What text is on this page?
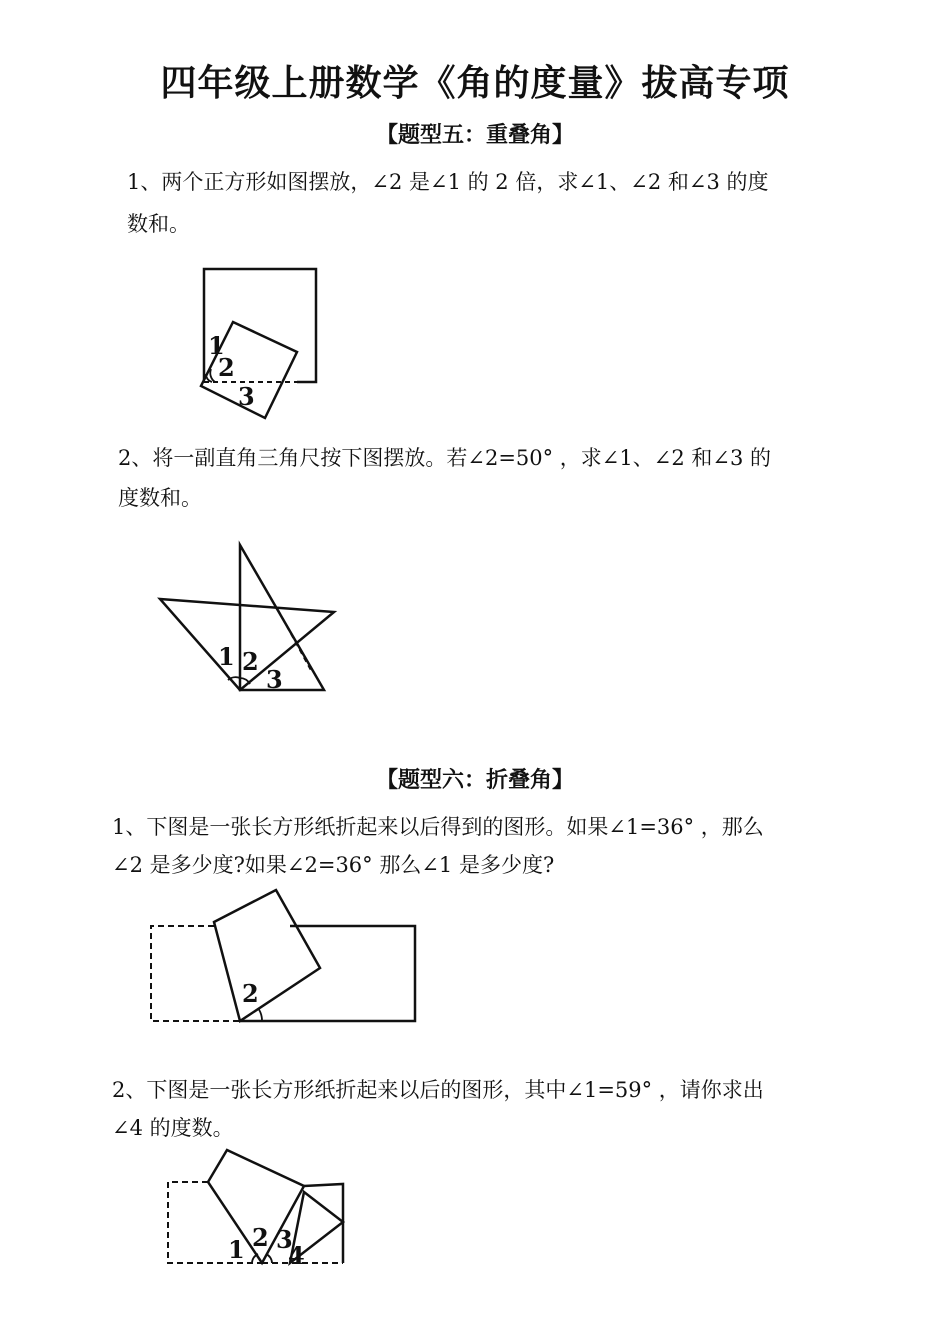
四年级上册数学《角的度量》拔高专项
【题型五：重叠角】
1、两个正方形如图摆放，∠2 是∠1 的 2 倍，求∠1、∠2 和∠3 的度
数和。
1
2
3
1 2
3
2
1 2 3
4
2、将一副直角三角尺按下图摆放。若∠2=50° ，求∠1、∠2 和∠3 的
度数和。
【题型六：折叠角】
1、下图是一张长方形纸折起来以后得到的图形。如果∠1=36° ，那么
∠2 是多少度?如果∠2=36° 那么∠1 是多少度?
2、下图是一张长方形纸折起来以后的图形，其中∠1=59° ，请你求出
∠4 的度数。
